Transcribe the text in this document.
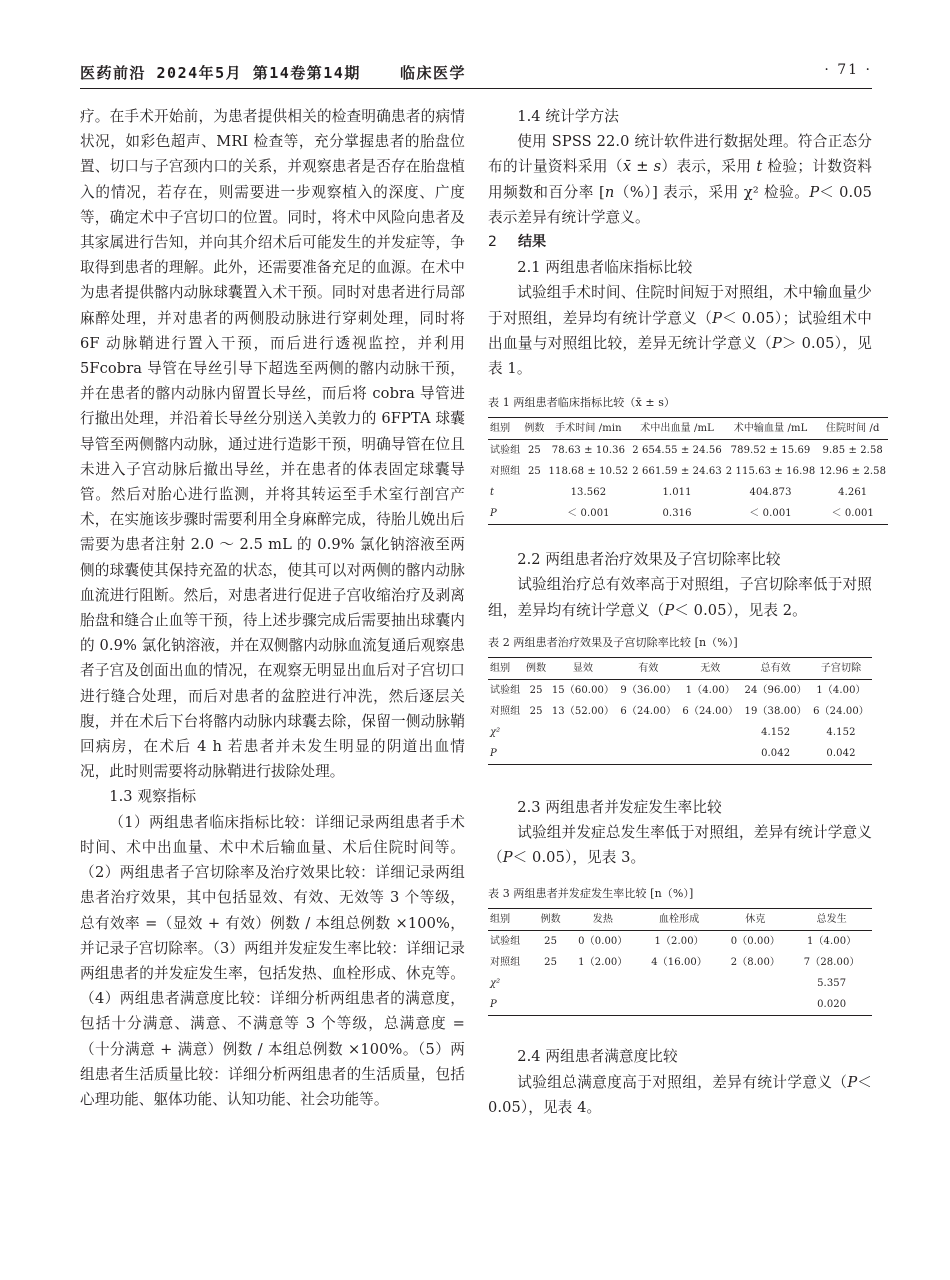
医药前沿 2024年5月 第14卷第14期	· 71 ·
临床医学

疗。在手术开始前，为患者提供相关的检查明确患者的病情状况，如彩色超声、MRI 检查等，充分掌握患者的胎盘位置、切口与子宫颈内口的关系，并观察患者是否存在胎盘植入的情况，若存在，则需要进一步观察植入的深度、广度等，确定术中子宫切口的位置。同时，将术中风险向患者及其家属进行告知，并向其介绍术后可能发生的并发症等，争取得到患者的理解。此外，还需要准备充足的血源。在术中为患者提供髂内动脉球囊置入术干预。同时对患者进行局部麻醉处理，并对患者的两侧股动脉进行穿刺处理，同时将 6F 动脉鞘进行置入干预，而后进行透视监控，并利用 5Fcobra 导管在导丝引导下超选至两侧的髂内动脉干预，并在患者的髂内动脉内留置长导丝，而后将 cobra 导管进行撤出处理，并沿着长导丝分别送入美敦力的 6FPTA 球囊导管至两侧髂内动脉，通过进行造影干预，明确导管在位且未进入子宫动脉后撤出导丝，并在患者的体表固定球囊导管。然后对胎心进行监测，并将其转运至手术室行剖宫产术，在实施该步骤时需要利用全身麻醉完成，待胎儿娩出后需要为患者注射 2.0 ～ 2.5 mL 的 0.9% 氯化钠溶液至两侧的球囊使其保持充盈的状态，使其可以对两侧的髂内动脉血流进行阻断。然后，对患者进行促进子宫收缩治疗及剥离胎盘和缝合止血等干预，待上述步骤完成后需要抽出球囊内的 0.9% 氯化钠溶液，并在双侧髂内动脉血流复通后观察患者子宫及创面出血的情况，在观察无明显出血后对子宫切口进行缝合处理，而后对患者的盆腔进行冲洗，然后逐层关腹，并在术后下台将髂内动脉内球囊去除，保留一侧动脉鞘回病房，在术后 4 h 若患者并未发生明显的阴道出血情况，此时则需要将动脉鞘进行拔除处理。

1.3 观察指标

（1）两组患者临床指标比较：详细记录两组患者手术时间、术中出血量、术中术后输血量、术后住院时间等。（2）两组患者子宫切除率及治疗效果比较：详细记录两组患者治疗效果，其中包括显效、有效、无效等 3 个等级，总有效率 =（显效 + 有效）例数 / 本组总例数 ×100%，并记录子宫切除率。（3）两组并发症发生率比较：详细记录两组患者的并发症发生率，包括发热、血栓形成、休克等。（4）两组患者满意度比较：详细分析两组患者的满意度，包括十分满意、满意、不满意等 3 个等级，总满意度 =（十分满意 + 满意）例数 / 本组总例数 ×100%。（5）两组患者生活质量比较：详细分析两组患者的生活质量，包括心理功能、躯体功能、认知功能、社会功能等。

1.4 统计学方法

使用 SPSS 22.0 统计软件进行数据处理。符合正态分布的计量资料采用（x̄ ± s）表示，采用 t 检验；计数资料用频数和百分率 [n（%）] 表示，采用 χ² 检验。P＜ 0.05 表示差异有统计学意义。

2 结果

2.1 两组患者临床指标比较

试验组手术时间、住院时间短于对照组，术中输血量少于对照组，差异均有统计学意义（P＜ 0.05）；试验组术中出血量与对照组比较，差异无统计学意义（P＞ 0.05），见表 1。

表 1 两组患者临床指标比较（x̄ ± s）

组别	例数	手术时间 /min	术中出血量 /mL	术中输血量 /mL	住院时间 /d
试验组	25	78.63 ± 10.36	2 654.55 ± 24.56	789.52 ± 15.69	9.85 ± 2.58
对照组	25	118.68 ± 10.52	2 661.59 ± 24.63	2 115.63 ± 16.98	12.96 ± 2.58
t		13.562	1.011	404.873	4.261
P		＜ 0.001	0.316	＜ 0.001	＜ 0.001

2.2 两组患者治疗效果及子宫切除率比较

试验组治疗总有效率高于对照组，子宫切除率低于对照组，差异均有统计学意义（P＜ 0.05），见表 2。

表 2 两组患者治疗效果及子宫切除率比较 [n（%）]

组别	例数	显效	有效	无效	总有效	子宫切除
试验组	25	15（60.00）	9（36.00）	1（4.00）	24（96.00）	1（4.00）
对照组	25	13（52.00）	6（24.00）	6（24.00）	19（38.00）	6（24.00）
χ²					4.152	4.152
P					0.042	0.042

2.3 两组患者并发症发生率比较

试验组并发症总发生率低于对照组，差异有统计学意义（P＜ 0.05），见表 3。

表 3 两组患者并发症发生率比较 [n（%）]

组别	例数	发热	血栓形成	休克	总发生
试验组	25	0（0.00）	1（2.00）	0（0.00）	1（4.00）
对照组	25	1（2.00）	4（16.00）	2（8.00）	7（28.00）
χ²					5.357
P					0.020

2.4 两组患者满意度比较

试验组总满意度高于对照组，差异有统计学意义（P＜ 0.05），见表 4。
